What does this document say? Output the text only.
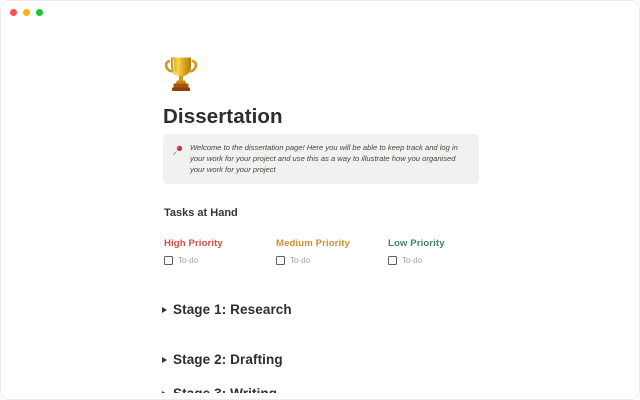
Dissertation
Welcome to the dissertation page! Here you will be able to keep track and log in your work for your project and use this as a way to illustrate how you organised your work for your project
Tasks at Hand
High Priority
To-do
Medium Priority
To-do
Low Priority
To-do
Stage 1: Research
Stage 2: Drafting
